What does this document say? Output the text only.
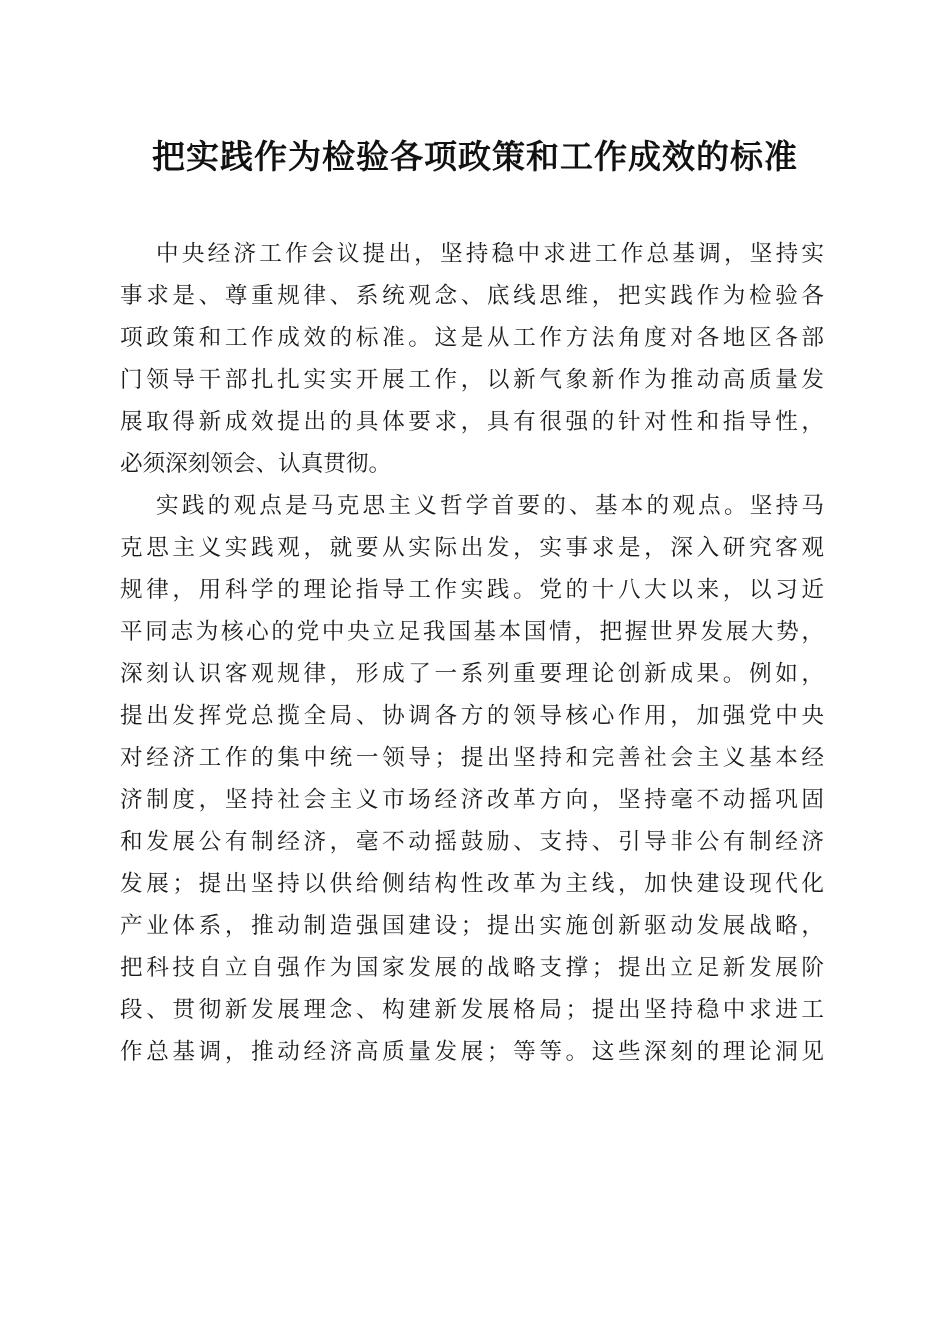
把实践作为检验各项政策和工作成效的标准
中央经济工作会议提出，坚持稳中求进工作总基调，坚持实
事求是、尊重规律、系统观念、底线思维，把实践作为检验各
项政策和工作成效的标准。这是从工作方法角度对各地区各部
门领导干部扎扎实实开展工作，以新气象新作为推动高质量发
展取得新成效提出的具体要求，具有很强的针对性和指导性，
必须深刻领会、认真贯彻。
实践的观点是马克思主义哲学首要的、基本的观点。坚持马
克思主义实践观，就要从实际出发，实事求是，深入研究客观
规律，用科学的理论指导工作实践。党的十八大以来，以习近
平同志为核心的党中央立足我国基本国情，把握世界发展大势，
深刻认识客观规律，形成了一系列重要理论创新成果。例如，
提出发挥党总揽全局、协调各方的领导核心作用，加强党中央
对经济工作的集中统一领导；提出坚持和完善社会主义基本经
济制度，坚持社会主义市场经济改革方向，坚持毫不动摇巩固
和发展公有制经济，毫不动摇鼓励、支持、引导非公有制经济
发展；提出坚持以供给侧结构性改革为主线，加快建设现代化
产业体系，推动制造强国建设；提出实施创新驱动发展战略，
把科技自立自强作为国家发展的战略支撑；提出立足新发展阶
段、贯彻新发展理念、构建新发展格局；提出坚持稳中求进工
作总基调，推动经济高质量发展；等等。这些深刻的理论洞见
